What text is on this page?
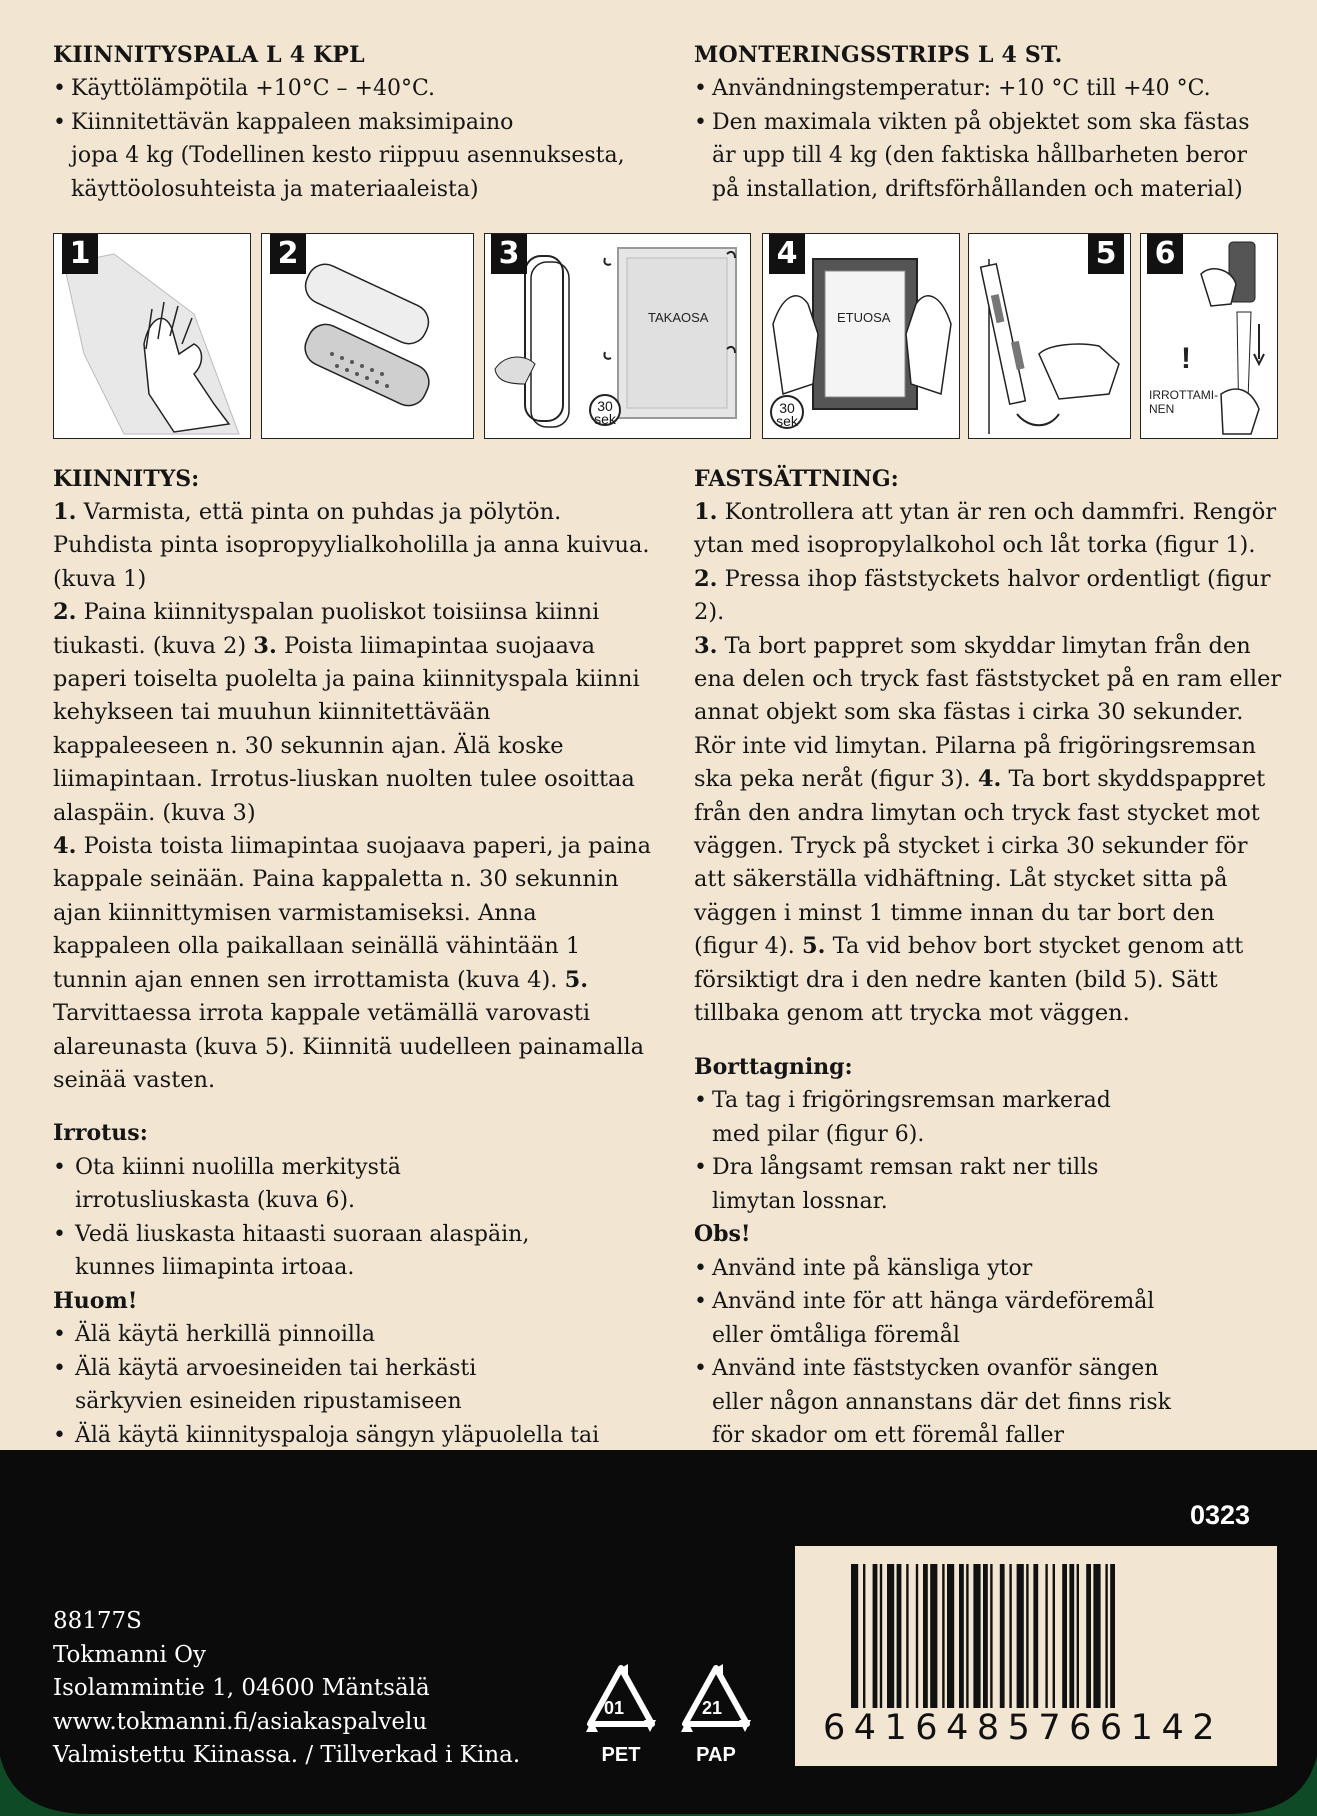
KIINNITYSPALA L 4 KPL

• Käyttölämpötila +10°C – +40°C.
• Kiinnitettävän kappaleen maksimipaino
jopa 4 kg (Todellinen kesto riippuu asennuksesta,
käyttöolosuhteista ja materiaaleista)

MONTERINGSSTRIPS L 4 ST.

• Användningstemperatur: +10 °C till +40 °C.
• Den maximala vikten på objektet som ska fästas
är upp till 4 kg (den faktiska hållbarheten beror
på installation, driftsförhållanden och material)
1	2
TAKAOSA
30
sek
3
ETUOSA
30
sek
4	5
!
IRROTTAMI-
NEN
6

KIINNITYS:

1. Varmista, että pinta on puhdas ja pölytön. Puhdista pinta isopropyylialkoholilla ja anna kuivua. (kuva 1)
2. Paina kiinnityspalan puoliskot toisiinsa kiinni tiukasti. (kuva 2) 3. Poista liimapintaa suojaava paperi toiselta puolelta ja paina kiinnityspala kiinni kehykseen tai muuhun kiinnitettävään kappaleeseen n. 30 sekunnin ajan. Älä koske liimapintaan. Irrotus-liuskan nuolten tulee osoittaa alaspäin. (kuva 3)
4. Poista toista liimapintaa suojaava paperi, ja paina kappale seinään. Paina kappaletta n. 30 sekunnin ajan kiinnittymisen varmistamiseksi. Anna kappaleen olla paikallaan seinällä vähintään 1 tunnin ajan ennen sen irrottamista (kuva 4). 5. Tarvittaessa irrota kappale vetämällä varovasti alareunasta (kuva 5). Kiinnitä uudelleen painamalla seinää vasten.

Irrotus:

• Ota kiinni nuolilla merkitystä
irrotusliuskasta (kuva 6).
• Vedä liuskasta hitaasti suoraan alaspäin,
kunnes liimapinta irtoaa.

Huom!

• Älä käytä herkillä pinnoilla
• Älä käytä arvoesineiden tai herkästi
särkyvien esineiden ripustamiseen
• Älä käytä kiinnityspaloja sängyn yläpuolella tai

FASTSÄTTNING:

1. Kontrollera att ytan är ren och dammfri. Rengör ytan med isopropylalkohol och låt torka (figur 1).
2. Pressa ihop fäststyckets halvor ordentligt (figur 2).
3. Ta bort pappret som skyddar limytan från den ena delen och tryck fast fäststycket på en ram eller annat objekt som ska fästas i cirka 30 sekunder. Rör inte vid limytan. Pilarna på frigöringsremsan ska peka neråt (figur 3). 4. Ta bort skyddspappret från den andra limytan och tryck fast stycket mot väggen. Tryck på stycket i cirka 30 sekunder för att säkerställa vidhäftning. Låt stycket sitta på väggen i minst 1 timme innan du tar bort den (figur 4). 5. Ta vid behov bort stycket genom att försiktigt dra i den nedre kanten (bild 5). Sätt tillbaka genom att trycka mot väggen.

Borttagning:

• Ta tag i frigöringsremsan markerad
med pilar (figur 6).
• Dra långsamt remsan rakt ner tills
limytan lossnar.

Obs!

• Använd inte på känsliga ytor
• Använd inte för att hänga värdeföremål
eller ömtåliga föremål
• Använd inte fäststycken ovanför sängen
eller någon annanstans där det finns risk
för skador om ett föremål faller
88177S
Tokmanni Oy
Isolammintie 1, 04600 Mäntsälä
www.tokmanni.fi/asiakaspalvelu
Valmistettu Kiinassa. / Tillverkad i Kina.
01
PET
21
PAP
0323
6416485766142
